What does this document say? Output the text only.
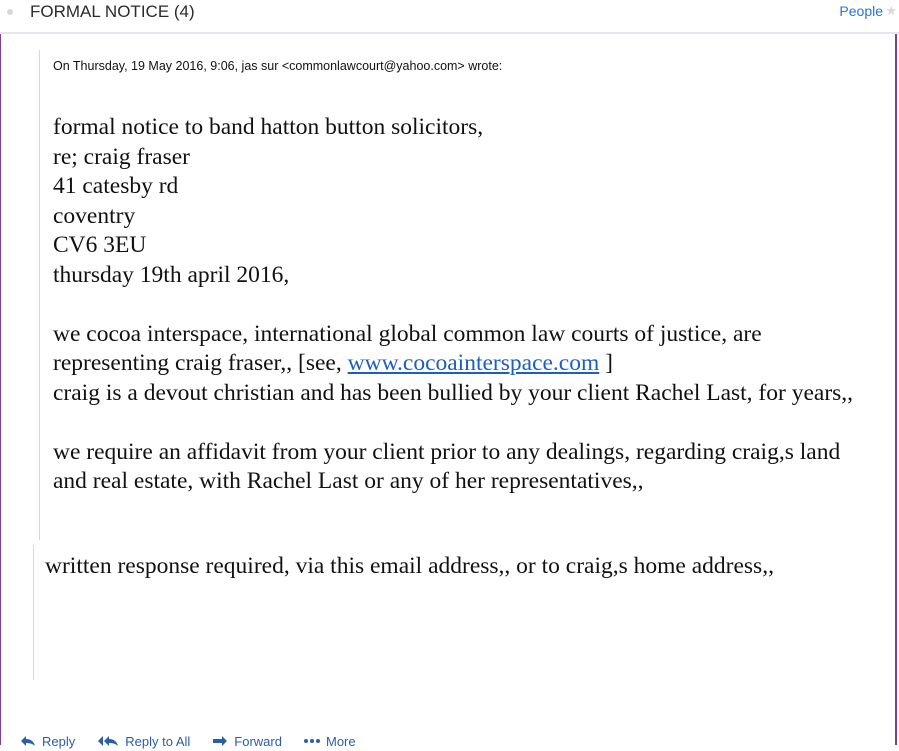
FORMAL NOTICE (4)	People ★
On Thursday, 19 May 2016, 9:06, jas sur <commonlawcourt@yahoo.com> wrote:

formal notice to band hatton button solicitors,
re; craig fraser
41 catesby rd
coventry
CV6 3EU
thursday 19th april 2016,

we cocoa interspace, international global common law courts of justice, are representing craig fraser,, [see, www.cocoainterspace.com ]
craig is a devout christian and has been bullied by your client Rachel Last, for years,,

we require an affidavit from your client prior to any dealings, regarding craig,s land and real estate, with Rachel Last or any of her representatives,,

written response required, via this email address,, or to craig,s home address,,
Reply	Reply to All	Forward	More
